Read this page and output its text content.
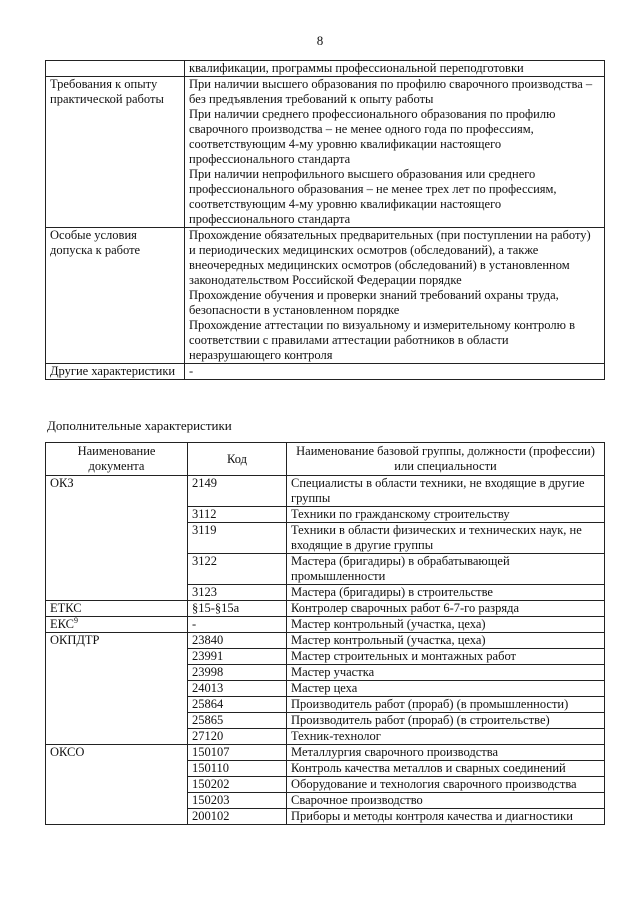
8
	квалификации, программы профессиональной переподготовки
Требования к опыту практической работы	При наличии высшего образования по профилю сварочного производства – без предъявления требований к опыту работы
При наличии среднего профессионального образования по профилю сварочного производства – не менее одного года по профессиям, соответствующим 4-му уровню квалификации настоящего профессионального стандарта
При наличии непрофильного высшего образования или среднего профессионального образования – не менее трех лет по профессиям, соответствующим 4-му уровню квалификации настоящего профессионального стандарта

Особые условия допуска к работе	Прохождение обязательных предварительных (при поступлении на работу) и периодических медицинских осмотров (обследований), а также внеочередных медицинских осмотров (обследований) в установленном законодательством Российской Федерации порядке
Прохождение обучения и проверки знаний требований охраны труда, безопасности в установленном порядке
Прохождение аттестации по визуальному и измерительному контролю в соответствии с правилами аттестации работников в области неразрушающего контроля

Другие характеристики	-
Дополнительные характеристики
Наименование документа	Код	Наименование базовой группы, должности (профессии) или специальности
ОКЗ	2149	Специалисты в области техники, не входящие в другие группы
	3112	Техники по гражданскому строительству
	3119	Техники в области физических и технических наук, не входящие в другие группы
	3122	Мастера (бригадиры) в обрабатывающей промышленности
	3123	Мастера (бригадиры) в строительстве
ЕТКС	§15-§15а	Контролер сварочных работ 6-7-го разряда
ЕКС$^9$	-	Мастер контрольный (участка, цеха)
ОКПДТР	23840	Мастер контрольный (участка, цеха)
	23991	Мастер строительных и монтажных работ
	23998	Мастер участка
	24013	Мастер цеха
	25864	Производитель работ (прораб) (в промышленности)
	25865	Производитель работ (прораб) (в строительстве)
	27120	Техник-технолог
ОКСО	150107	Металлургия сварочного производства
	150110	Контроль качества металлов и сварных соединений
	150202	Оборудование и технология сварочного производства
	150203	Сварочное производство
	200102	Приборы и методы контроля качества и диагностики
